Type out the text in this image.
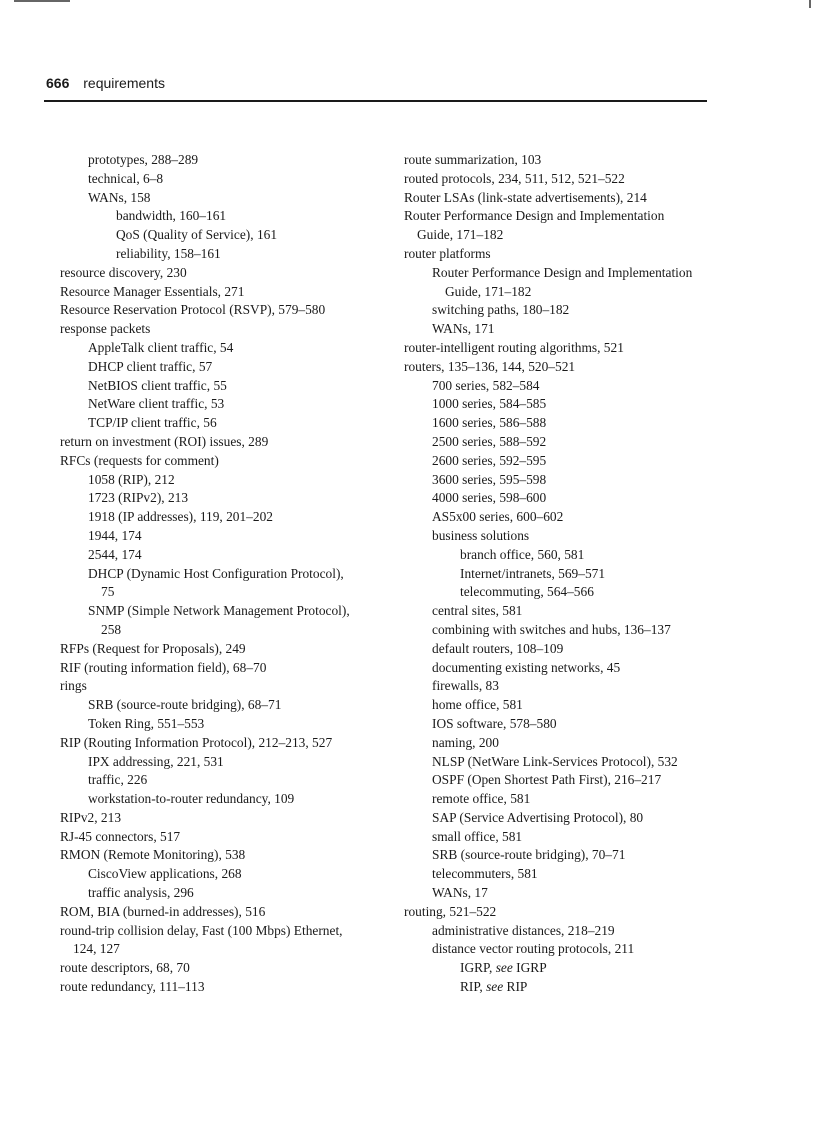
666 requirements
prototypes, 288–289
technical, 6–8
WANs, 158
bandwidth, 160–161
QoS (Quality of Service), 161
reliability, 158–161
resource discovery, 230
Resource Manager Essentials, 271
Resource Reservation Protocol (RSVP), 579–580
response packets
AppleTalk client traffic, 54
DHCP client traffic, 57
NetBIOS client traffic, 55
NetWare client traffic, 53
TCP/IP client traffic, 56
return on investment (ROI) issues, 289
RFCs (requests for comment)
1058 (RIP), 212
1723 (RIPv2), 213
1918 (IP addresses), 119, 201–202
1944, 174
2544, 174
DHCP (Dynamic Host Configuration Protocol),
75
SNMP (Simple Network Management Protocol),
258
RFPs (Request for Proposals), 249
RIF (routing information field), 68–70
rings
SRB (source-route bridging), 68–71
Token Ring, 551–553
RIP (Routing Information Protocol), 212–213, 527
IPX addressing, 221, 531
traffic, 226
workstation-to-router redundancy, 109
RIPv2, 213
RJ-45 connectors, 517
RMON (Remote Monitoring), 538
CiscoView applications, 268
traffic analysis, 296
ROM, BIA (burned-in addresses), 516
round-trip collision delay, Fast (100 Mbps) Ethernet,
124, 127
route descriptors, 68, 70
route redundancy, 111–113
route summarization, 103
routed protocols, 234, 511, 512, 521–522
Router LSAs (link-state advertisements), 214
Router Performance Design and Implementation
Guide, 171–182
router platforms
Router Performance Design and Implementation
Guide, 171–182
switching paths, 180–182
WANs, 171
router-intelligent routing algorithms, 521
routers, 135–136, 144, 520–521
700 series, 582–584
1000 series, 584–585
1600 series, 586–588
2500 series, 588–592
2600 series, 592–595
3600 series, 595–598
4000 series, 598–600
AS5x00 series, 600–602
business solutions
branch office, 560, 581
Internet/intranets, 569–571
telecommuting, 564–566
central sites, 581
combining with switches and hubs, 136–137
default routers, 108–109
documenting existing networks, 45
firewalls, 83
home office, 581
IOS software, 578–580
naming, 200
NLSP (NetWare Link-Services Protocol), 532
OSPF (Open Shortest Path First), 216–217
remote office, 581
SAP (Service Advertising Protocol), 80
small office, 581
SRB (source-route bridging), 70–71
telecommuters, 581
WANs, 17
routing, 521–522
administrative distances, 218–219
distance vector routing protocols, 211
IGRP, see IGRP
RIP, see RIP
